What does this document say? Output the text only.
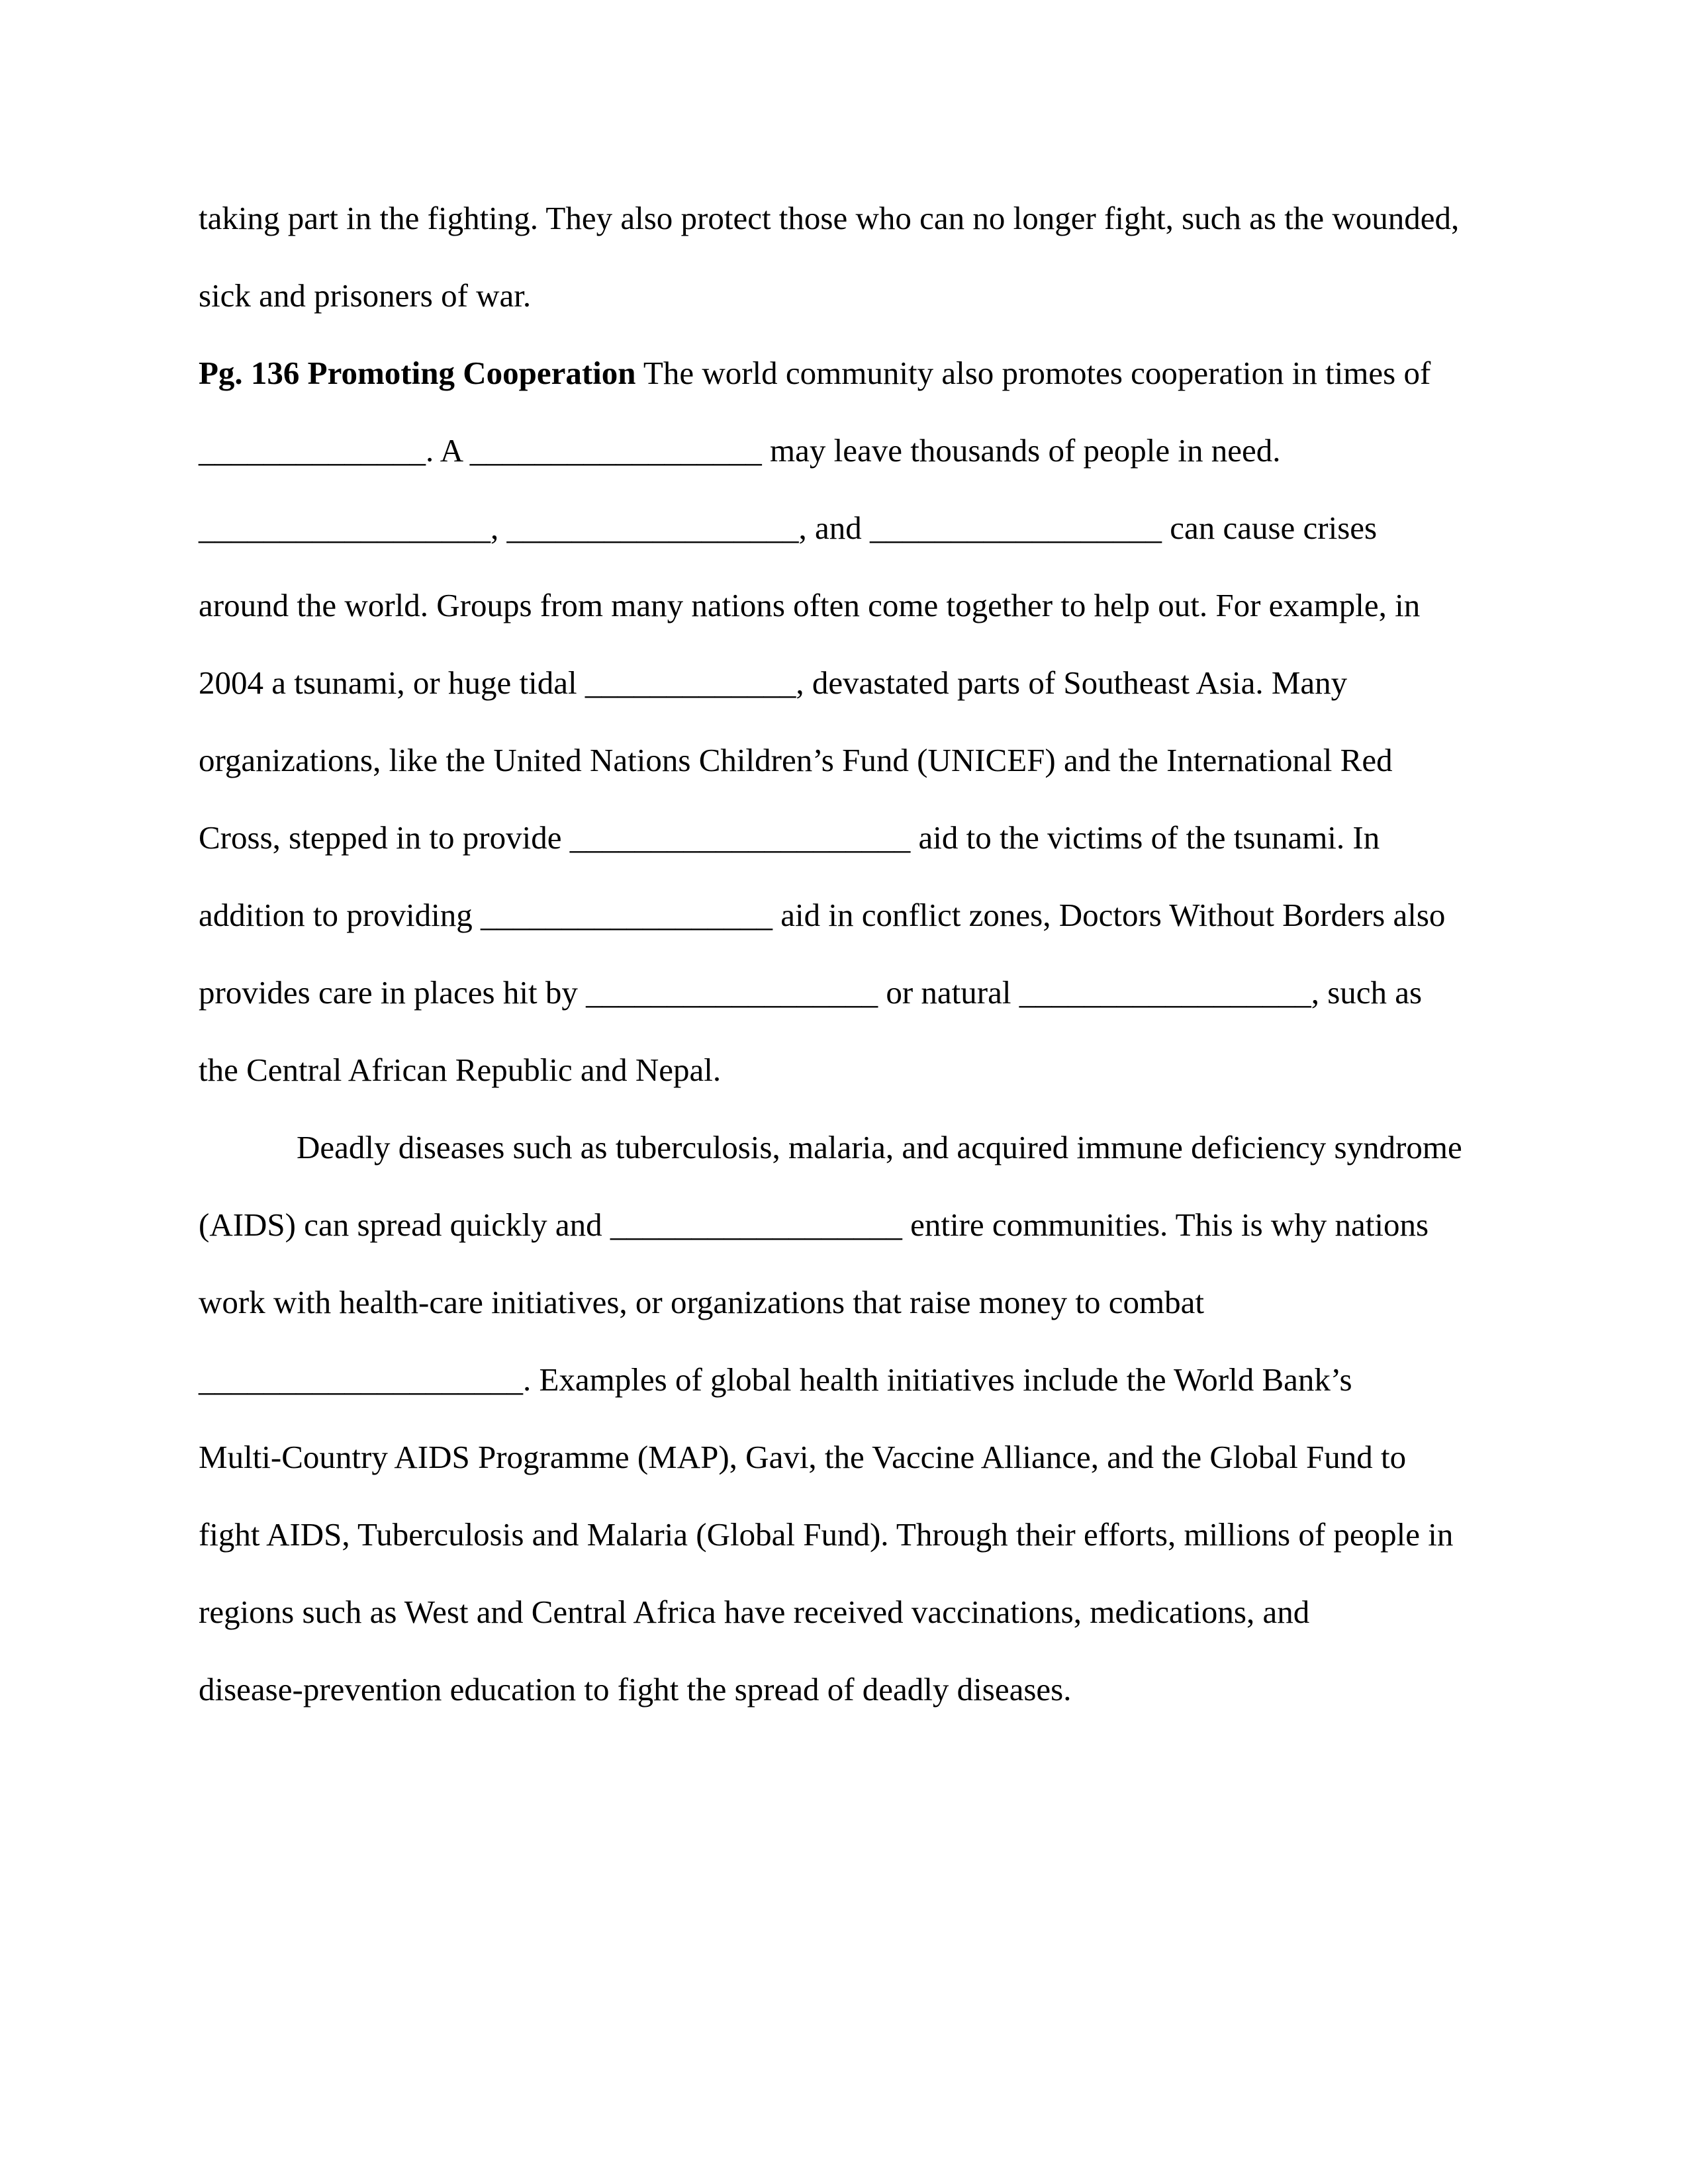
taking part in the fighting. They also protect those who can no longer fight, such as the wounded,
sick and prisoners of war.
Pg. 136 Promoting Cooperation The world community also promotes cooperation in times of
______________. A __________________ may leave thousands of people in need.
__________________, __________________, and __________________ can cause crises
around the world. Groups from many nations often come together to help out. For example, in
2004 a tsunami, or huge tidal _____________, devastated parts of Southeast Asia. Many
organizations, like the United Nations Children’s Fund (UNICEF) and the International Red
Cross, stepped in to provide _____________________ aid to the victims of the tsunami. In
addition to providing __________________ aid in conflict zones, Doctors Without Borders also
provides care in places hit by __________________ or natural __________________, such as
the Central African Republic and Nepal.
Deadly diseases such as tuberculosis, malaria, and acquired immune deficiency syndrome
(AIDS) can spread quickly and __________________ entire communities. This is why nations
work with health-care initiatives, or organizations that raise money to combat
____________________. Examples of global health initiatives include the World Bank’s
Multi-Country AIDS Programme (MAP), Gavi, the Vaccine Alliance, and the Global Fund to
fight AIDS, Tuberculosis and Malaria (Global Fund). Through their efforts, millions of people in
regions such as West and Central Africa have received vaccinations, medications, and
disease-prevention education to fight the spread of deadly diseases.
